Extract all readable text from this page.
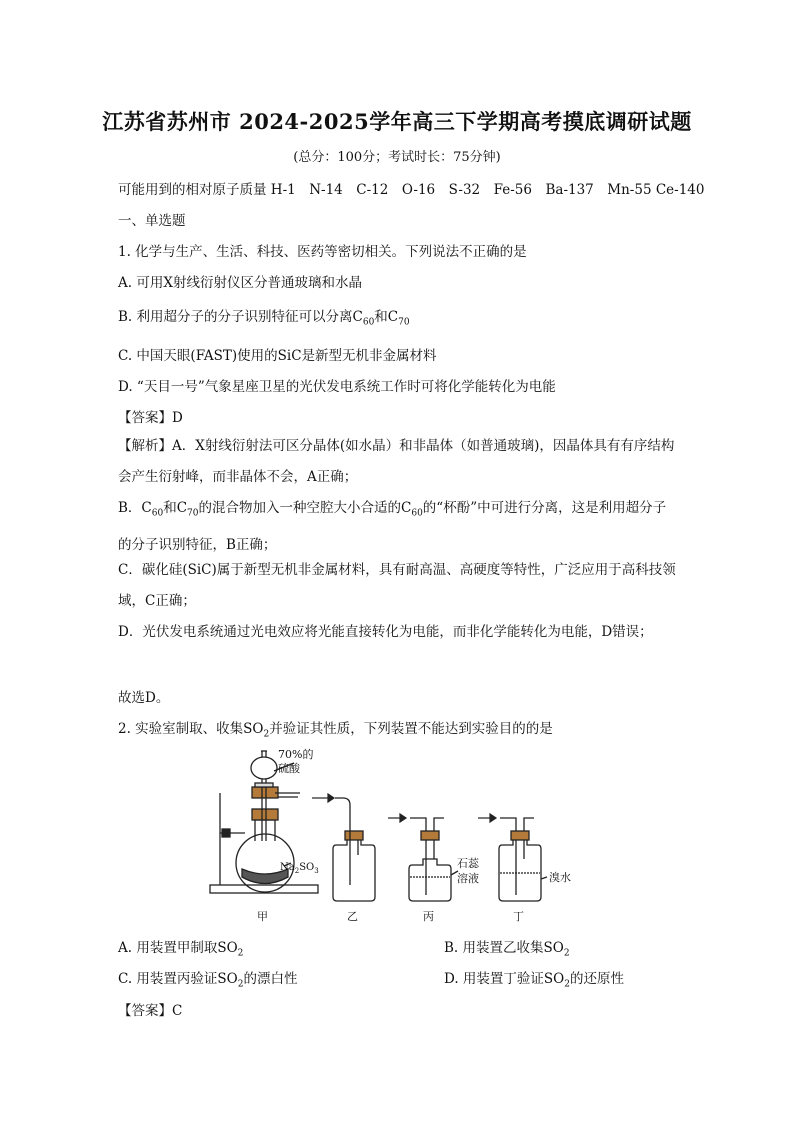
江苏省苏州市 2024-2025学年高三下学期高考摸底调研试题
(总分：100分；考试时长：75分钟)
可能用到的相对原子质量 H-1　N-14　C-12　O-16　S-32　Fe-56　Ba-137　Mn-55 Ce-140
一、单选题
1. 化学与生产、生活、科技、医药等密切相关。下列说法不正确的是
A. 可用X射线衍射仪区分普通玻璃和水晶
B. 利用超分子的分子识别特征可以分离$C_{60}$和$C_{70}$
C. 中国天眼(FAST)使用的SiC是新型无机非金属材料
D. “天目一号”气象星座卫星的光伏发电系统工作时可将化学能转化为电能
【答案】D
【解析】A．X射线衍射法可区分晶体(如水晶）和非晶体（如普通玻璃)，因晶体具有有序结构会产生衍射峰，而非晶体不会，A正确；
B．$C_{60}$和$C_{70}$的混合物加入一种空腔大小合适的$C_{60}$的“杯酚”中可进行分离，这是利用超分子的分子识别特征，B正确；
C．碳化硅(SiC)属于新型无机非金属材料，具有耐高温、高硬度等特性，广泛应用于高科技领域，C正确；
D．光伏发电系统通过光电效应将光能直接转化为电能，而非化学能转化为电能，D错误；
故选D。
2. 实验室制取、收集$SO_2$并验证其性质，下列装置不能达到实验目的的是
70%的
硫酸
$Na_2SO_3$
石蕊
溶液	溴水
甲	乙	丙	丁
A. 用装置甲制取$SO_2$	B. 用装置乙收集$SO_2$
C. 用装置丙验证$SO_2$的漂白性	D. 用装置丁验证$SO_2$的还原性
【答案】C
